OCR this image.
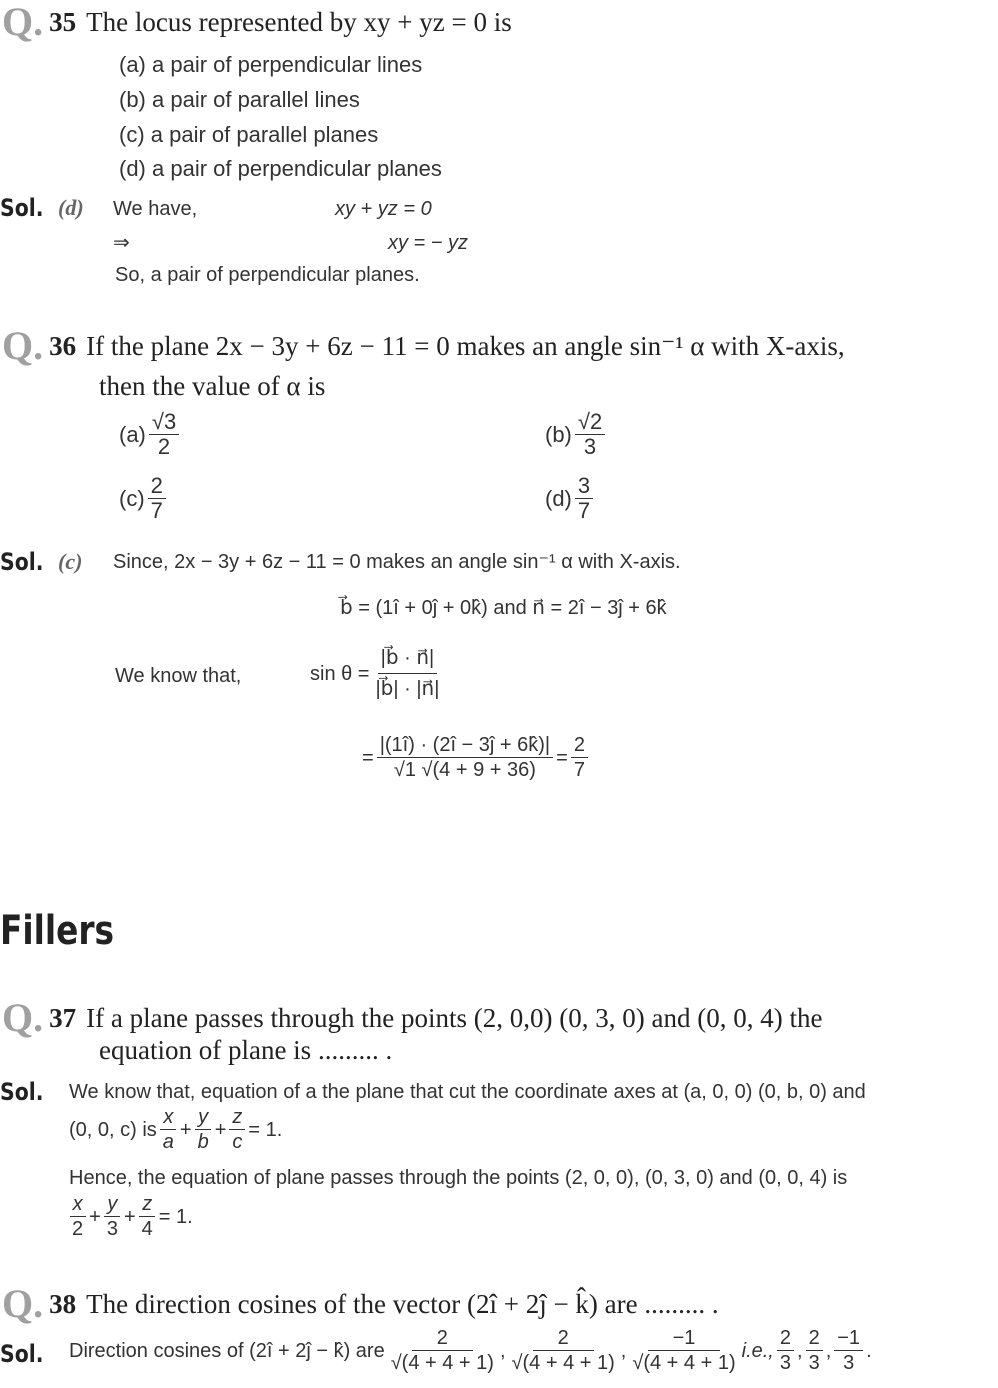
Q. 35 The locus represented by xy + yz = 0 is
(a) a pair of perpendicular lines
(b) a pair of parallel lines
(c) a pair of parallel planes
(d) a pair of perpendicular planes
Sol. (d) We have,	xy + yz = 0
⇒	xy = − yz
So, a pair of perpendicular planes.
Q. 36 If the plane 2x − 3y + 6z − 11 = 0 makes an angle sin⁻¹ α with X-axis,
then the value of α is
$(a) \frac{√3}{2}$	$(b) \frac{√2}{3}$
$(c) \frac{2}{7}$	$(d) \frac{3}{7}$
Sol. (c) Since, 2x − 3y + 6z − 11 = 0 makes an angle sin⁻¹ α with X-axis.
b⃗ = (1î + 0ĵ + 0k̂) and n⃗ = 2î − 3ĵ + 6k̂
We know that,	$\sin \theta = \frac{|b⃗ \cdot n⃗|}{|b⃗| \cdot |n⃗|}$
= $\frac{|(1î) \cdot (2î - 3ĵ + 6k̂)|}{√1 √(4 + 9 + 36)} = \frac{2}{7}$
Fillers
Q. 37 If a plane passes through the points (2, 0,0) (0, 3, 0) and (0, 0, 4) the
equation of plane is ......... .
Sol. We know that, equation of a the plane that cut the coordinate axes at (a, 0, 0) (0, b, 0) and
(0, 0, c) is $\frac{x}{a} + \frac{y}{b} + \frac{z}{c} = 1$.
Hence, the equation of plane passes through the points (2, 0, 0), (0, 3, 0) and (0, 0, 4) is
$\frac{x}{2} + \frac{y}{3} + \frac{z}{4} = 1$.
Q. 38 The direction cosines of the vector (2î + 2ĵ − k̂) are ......... .
Sol. Direction cosines of (2î + 2ĵ − k̂) are $\frac{2}{√(4 + 4 + 1)}$ , $\frac{2}{√(4 + 4 + 1)}$ , $\frac{-1}{√(4 + 4 + 1)} i.e$., $\frac{2}{3}$ , $\frac{2}{3}$ , $\frac{-1}{3}$ .
